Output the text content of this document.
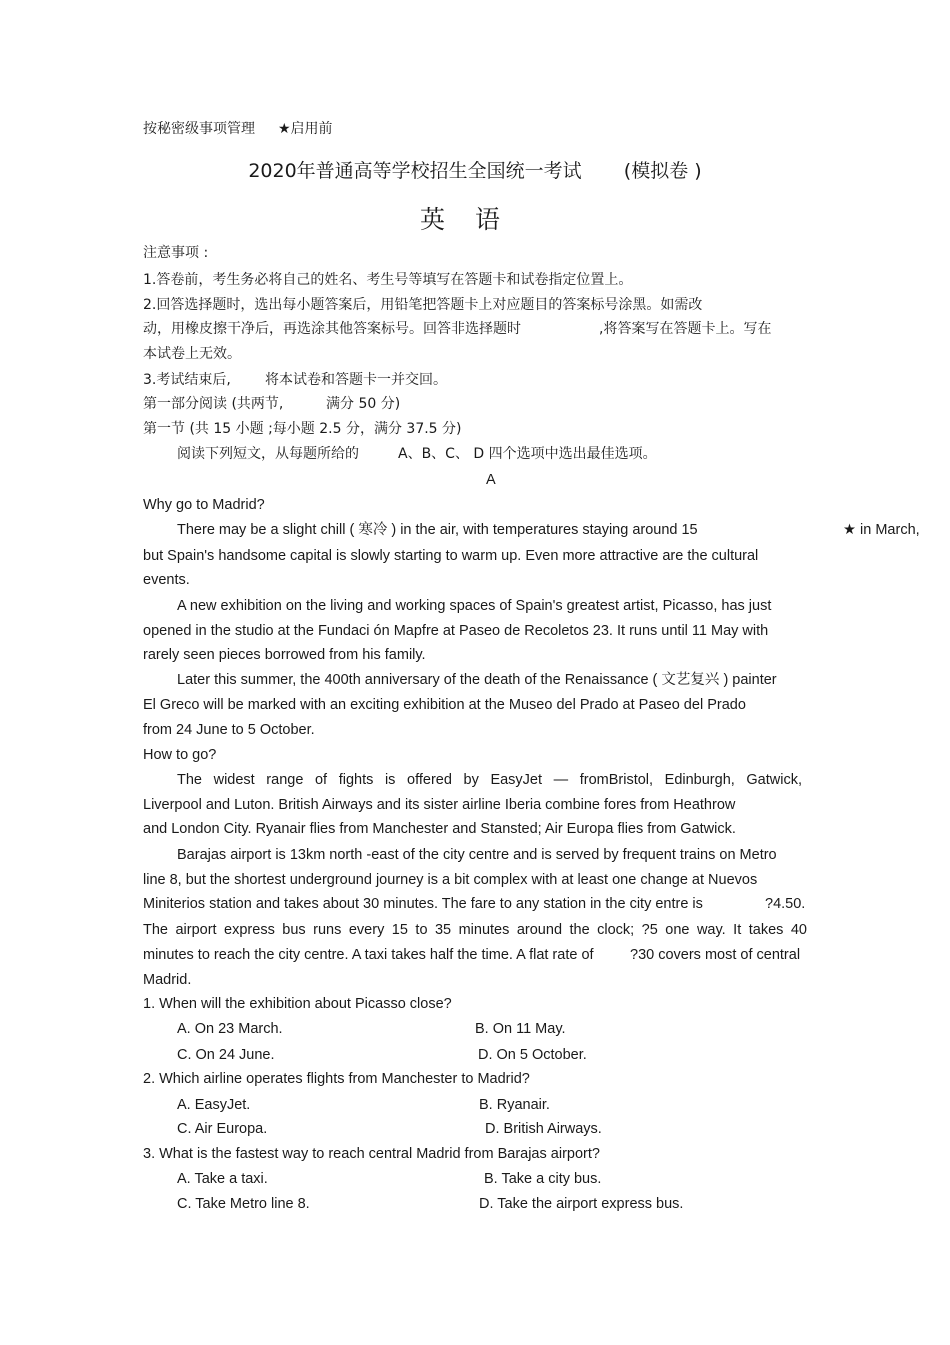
按秘密级事项管理 ★启用前
2020年普通高等学校招生全国统一考试 (模拟卷 )
英语
注意事项 :
1.答卷前，考生务必将自己的姓名、考生号等填写在答题卡和试卷指定位置上。
2.回答选择题时，选出每小题答案后，用铅笔把答题卡上对应题目的答案标号涂黑。如需改
动，用橡皮擦干净后，再选涂其他答案标号。回答非选择题时	,将答案写在答题卡上。写在
本试卷上无效。
3.考试结束后, 将本试卷和答题卡一并交回。
第一部分阅读 (共两节,	满分 50 分)
第一节 (共 15 小题 ;每小题 2.5 分，满分 37.5 分)
阅读下列短文，从每题所给的	A、B、C、 D 四个选项中选出最佳选项。
A
Why go to Madrid?
There may be a slight chill ( 寒冷 ) in the air, with temperatures staying around 15	★ in March,
but Spain's handsome capital is slowly starting to warm up. Even more attractive are the cultural
events.
A new exhibition on the living and working spaces of Spain's greatest artist, Picasso, has just
opened in the studio at the Fundaci ón Mapfre at Paseo de Recoletos 23. It runs until 11 May with
rarely seen pieces borrowed from his family.
Later this summer, the 400th anniversary of the death of the Renaissance ( 文艺复兴 ) painter
El Greco will be marked with an exciting exhibition at the Museo del Prado at Paseo del Prado
from 24 June to 5 October.
How to go?
The widest range of fights is offered by EasyJet — fromBristol, Edinburgh, Gatwick,
Liverpool and Luton. British Airways and its sister airline Iberia combine fores from Heathrow
and London City. Ryanair flies from Manchester and Stansted; Air Europa flies from Gatwick.
Barajas airport is 13km north -east of the city centre and is served by frequent trains on Metro
line 8, but the shortest underground journey is a bit complex with at least one change at Nuevos
Miniterios station and takes about 30 minutes. The fare to any station in the city entre is	?4.50.
The airport express bus runs every 15 to 35 minutes around the clock; ?5 one way. It takes 40
minutes to reach the city centre. A taxi takes half the time. A flat rate of	?30 covers most of central
Madrid.
1. When will the exhibition about Picasso close?
A. On 23 March.	B. On 11 May.
C. On 24 June.	D. On 5 October.
2. Which airline operates flights from Manchester to Madrid?
A. EasyJet.	B. Ryanair.
C. Air Europa.	D. British Airways.
3. What is the fastest way to reach central Madrid from Barajas airport?
A. Take a taxi.	B. Take a city bus.
C. Take Metro line 8.	D. Take the airport express bus.
